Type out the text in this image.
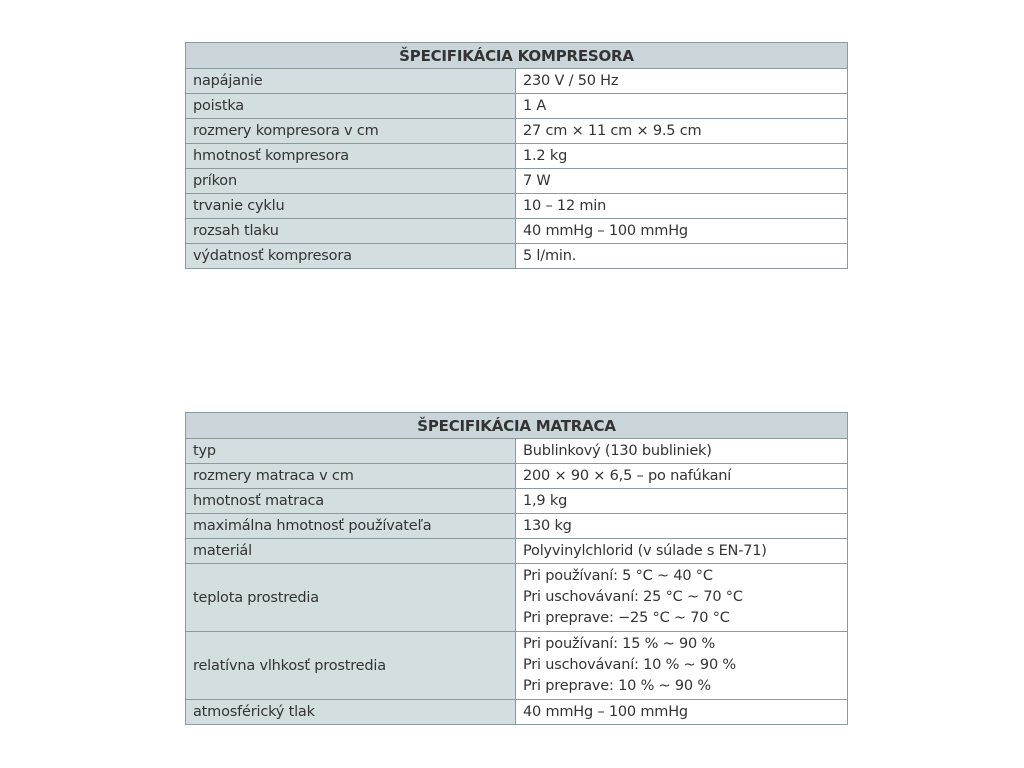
ŠPECIFIKÁCIA KOMPRESORA	
napájanie	230 V / 50 Hz
poistka	1 A
rozmery kompresora v cm	27 cm × 11 cm × 9.5 cm
hmotnosť kompresora	1.2 kg
príkon	7 W
trvanie cyklu	10 – 12 min
rozsah tlaku	40 mmHg – 100 mmHg
výdatnosť kompresora	5 l/min.
ŠPECIFIKÁCIA MATRACA	
typ	Bublinkový (130 bubliniek)
rozmery matraca v cm	200 × 90 × 6,5 – po nafúkaní
hmotnosť matraca	1,9 kg
maximálna hmotnosť používateľa	130 kg
materiál	Polyvinylchlorid (v súlade s EN-71)
teplota prostredia	Pri používaní: 5 °C ~ 40 °C
Pri uschovávaní: 25 °C ~ 70 °C
Pri preprave: −25 °C ~ 70 °C

relatívna vlhkosť prostredia	Pri používaní: 15 % ~ 90 %
Pri uschovávaní: 10 % ~ 90 %
Pri preprave: 10 % ~ 90 %

atmosférický tlak	40 mmHg – 100 mmHg
